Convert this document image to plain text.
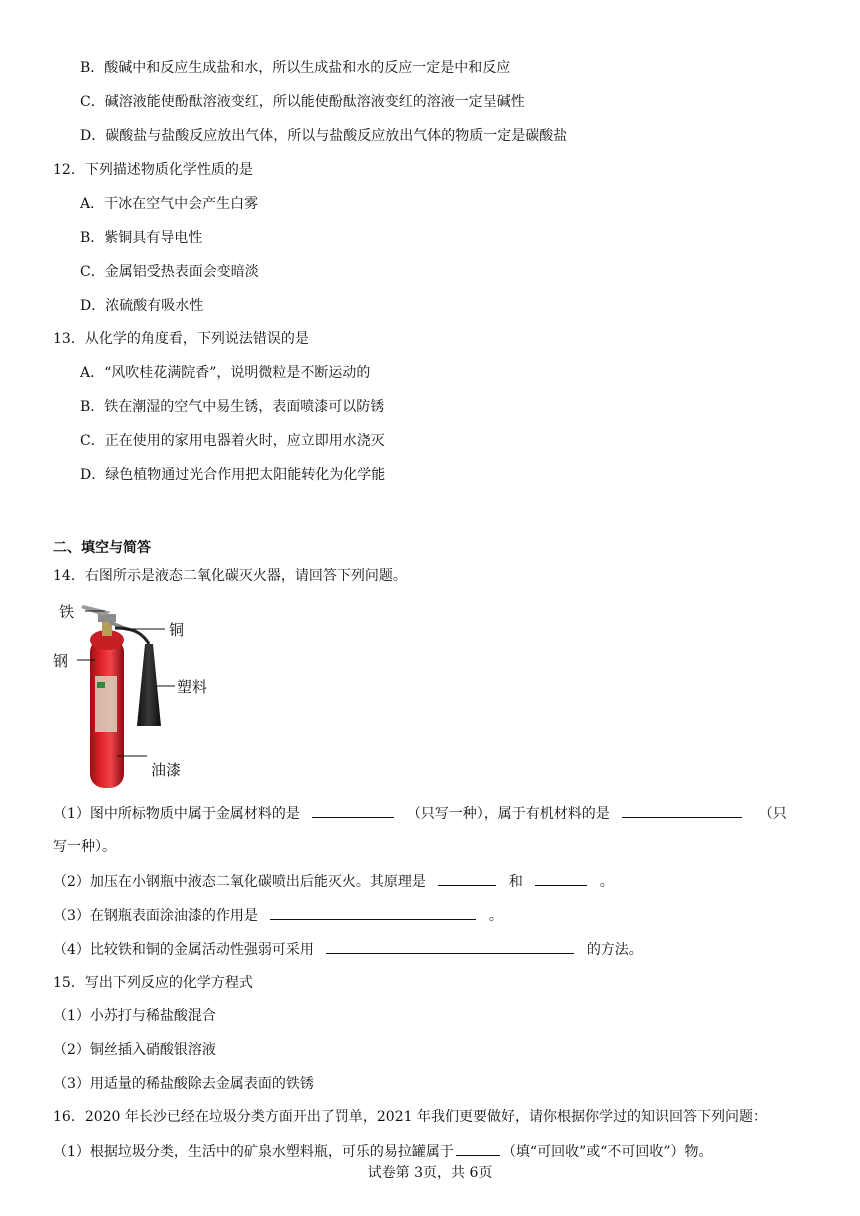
B．酸碱中和反应生成盐和水，所以生成盐和水的反应一定是中和反应
C．碱溶液能使酚酞溶液变红，所以能使酚酞溶液变红的溶液一定呈碱性
D．碳酸盐与盐酸反应放出气体，所以与盐酸反应放出气体的物质一定是碳酸盐
12．下列描述物质化学性质的是
A．干冰在空气中会产生白雾
B．紫铜具有导电性
C．金属铝受热表面会变暗淡
D．浓硫酸有吸水性
13．从化学的角度看，下列说法错误的是
A．“风吹桂花满院香”，说明微粒是不断运动的
B．铁在潮湿的空气中易生锈，表面喷漆可以防锈
C．正在使用的家用电器着火时，应立即用水浇灭
D．绿色植物通过光合作用把太阳能转化为化学能
二、填空与简答
14．右图所示是液态二氧化碳灭火器，请回答下列问题。
铁
铜
钢
塑料
油漆
（1）图中所标物质中属于金属材料的是	（只写一种），属于有机材料的是	（只
写一种）。
（2）加压在小钢瓶中液态二氧化碳喷出后能灭火。其原理是	和	。
（3）在钢瓶表面涂油漆的作用是	。
（4）比较铁和铜的金属活动性强弱可采用	的方法。
15．写出下列反应的化学方程式
（1）小苏打与稀盐酸混合
（2）铜丝插入硝酸银溶液
（3）用适量的稀盐酸除去金属表面的铁锈
16．2020 年长沙已经在垃圾分类方面开出了罚单，2021 年我们更要做好，请你根据你学过的知识回答下列问题：
（1）根据垃圾分类，生活中的矿泉水塑料瓶，可乐的易拉罐属于	（填“可回收”或“不可回收”）物。
试卷第 3页，共 6页
